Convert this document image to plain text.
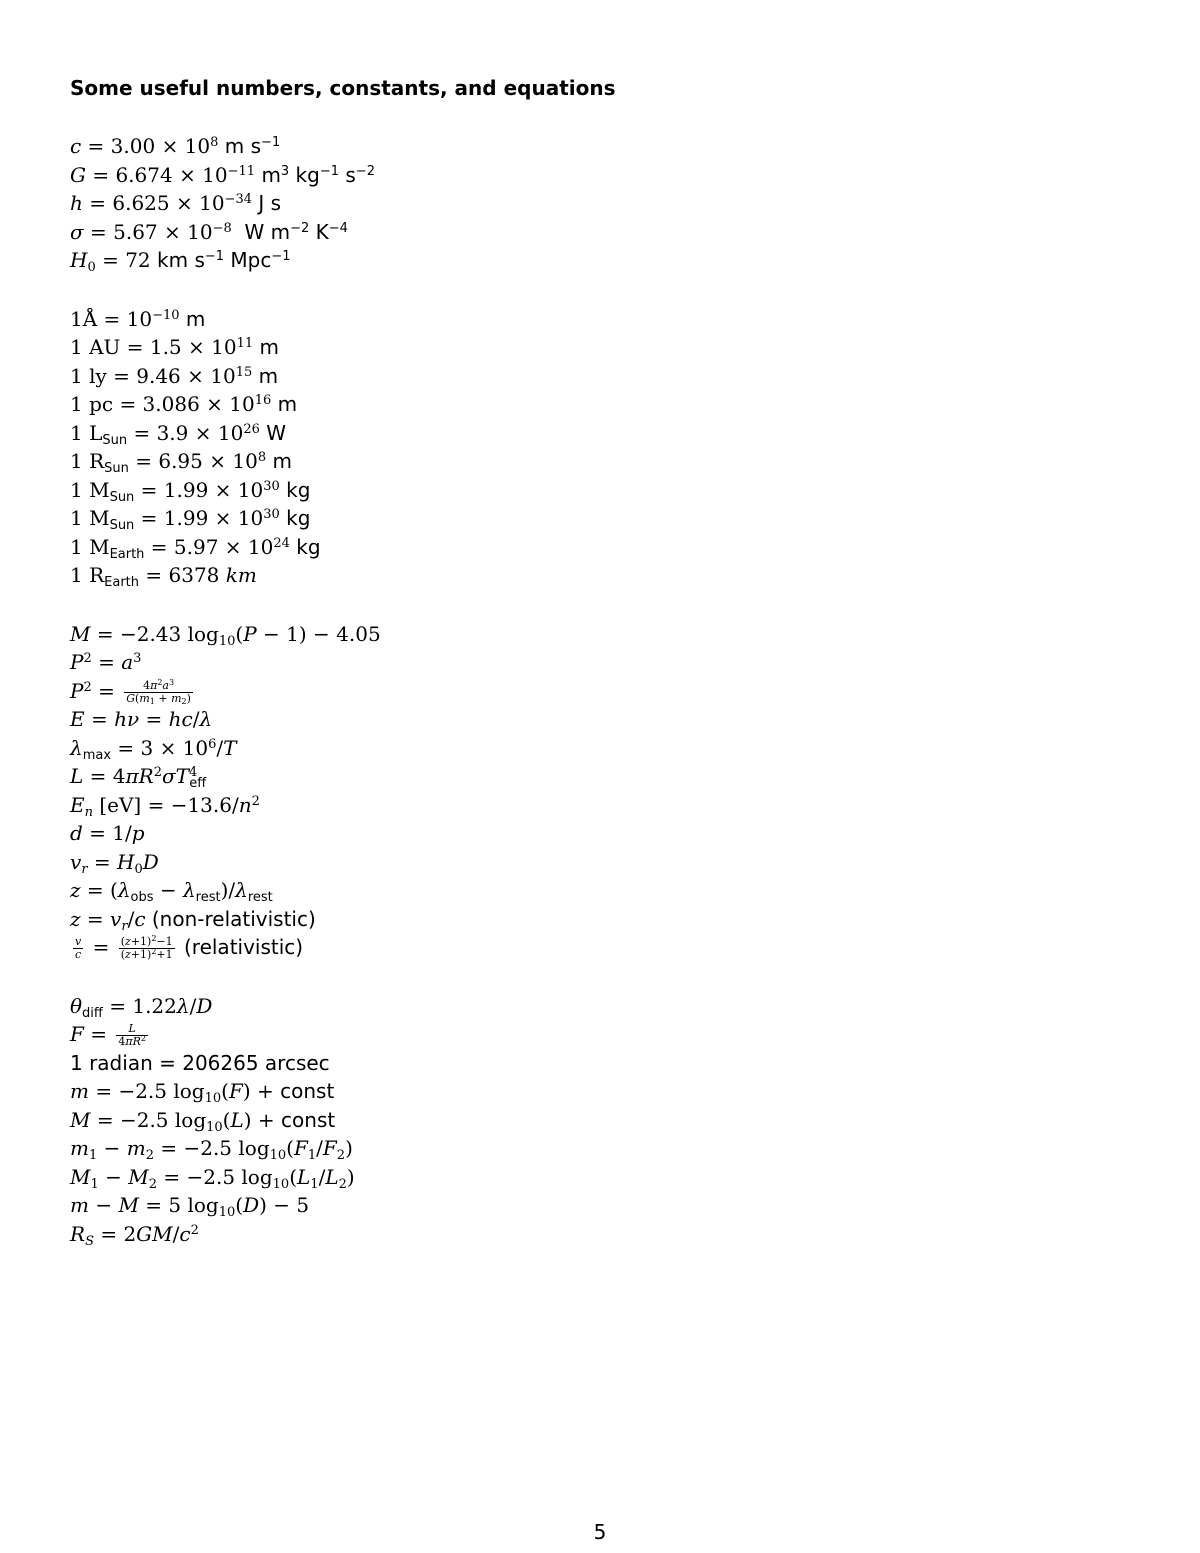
Some useful numbers, constants, and equations
$c = 3.00 \times 10^8$ m $s^{-1}$
$G = 6.674 \times 10^{-11}$ $m^3$ $kg^{-1}$ $s^{-2}$
$h = 6.625 \times 10^{-34}$ J s
$\sigma = 5.67 \times 10^{-8}$ W $m^{-2}$ $K^{-4}$
$H_0 = 72$ km $s^{-1}$ Mpc$^{-1}$
1Å = $10^{-10}$ m
1 AU = $1.5 \times 10^{11}$ m
1 ly = $9.46 \times 10^{15}$ m
1 pc = $3.086 \times 10^{16}$ m
1 $L_{Sun} = 3.9 \times 10^{26}$ W
1 $R_{Sun} = 6.95 \times 10^8$ m
1 $M_{Sun} = 1.99 \times 10^{30}$ kg
1 $M_{Sun} = 1.99 \times 10^{30}$ kg
1 $M_{Earth} = 5.97 \times 10^{24}$ kg
1 $R_{Earth} = 6378$ km
M = −2.43 $\log_{10}(P - 1) - 4.05$
$P^2 = a^3$
$P^2 = \frac{4\pi^2a^3}{G(m_1 + m_2)}$
E = hν = hc/λ
$\lambda_{max} = 3 \times 10^6/T$
$L = 4\pi R^2\sigma T^4_{eff}$
$E_n$ $[eV] = -13.6/n^2$
d = 1/p
$v_r = H_0D$
$z = (\lambda_{obs} - \lambda_{rest})/\lambda_{rest}$
$z = v_r/c$ (non-relativistic)
$\frac{v}{c} = \frac{(z+1)^2-1}{(z+1)^2+1}$ (relativistic)
$\theta_{diff} = 1.22\lambda/D$
$F = \frac{L}{4\pi R^2}$
1 radian = 206265 arcsec
m = −2.5 $\log_{10}(F)$ + const
M = −2.5 $\log_{10}(L)$ + const
$m_1 - m_2 = -2.5$ $\log_{10}(F_1/F_2)$
$M_1 - M_2 = -2.5$ $\log_{10}(L_1/L_2)$
m − M = 5 $\log_{10}(D) - 5$
$R_S = 2GM/c^2$
5
